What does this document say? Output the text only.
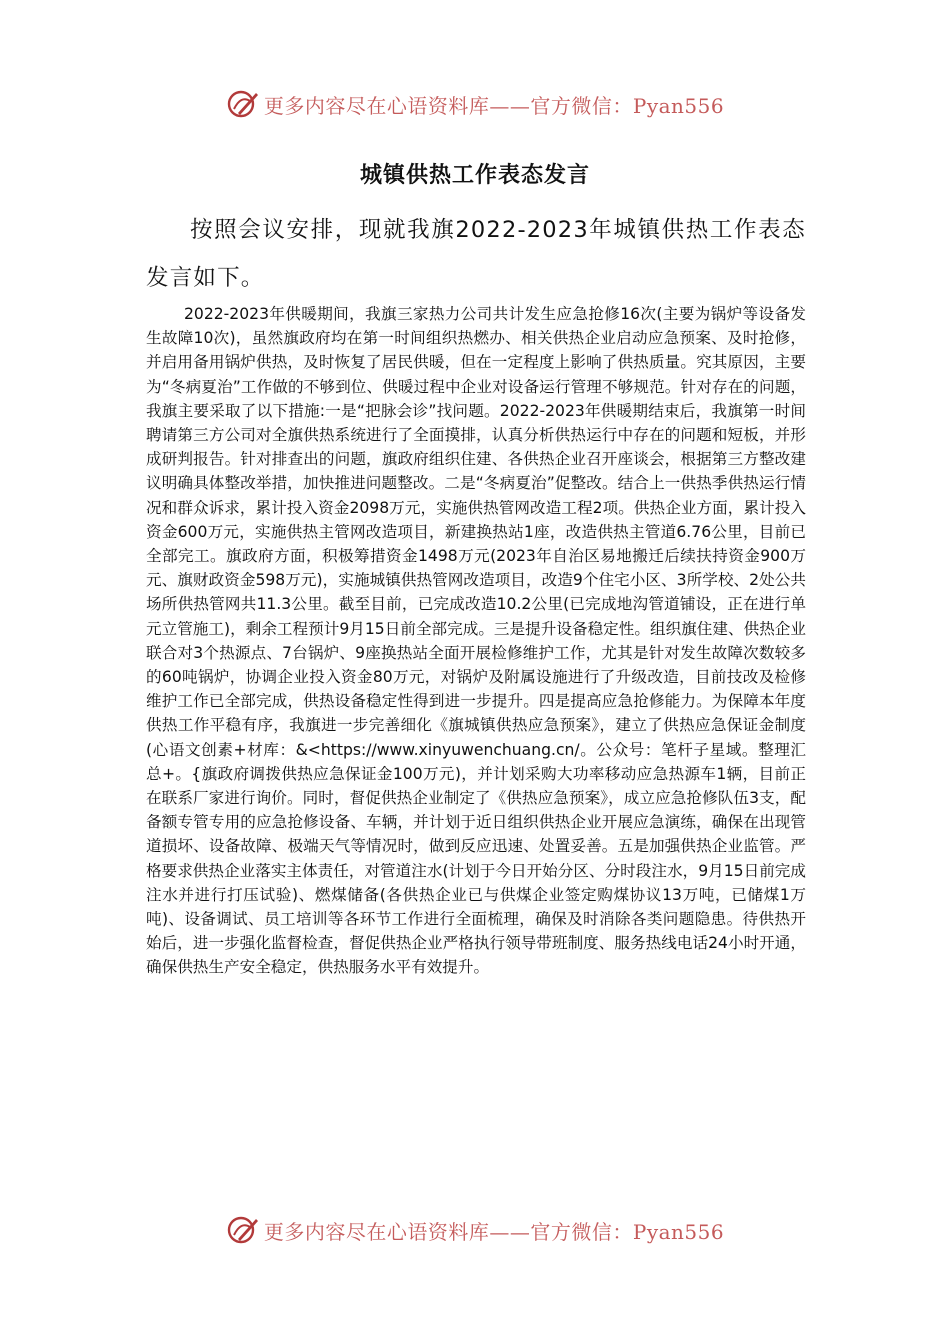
更多内容尽在心语资料库——官方微信：Pyan556
城镇供热工作表态发言
按照会议安排，现就我旗2022-2023年城镇供热工作表态发言如下。
2022-2023年供暖期间，我旗三家热力公司共计发生应急抢修16次(主要为锅炉等设备发生故障10次)，虽然旗政府均在第一时间组织热燃办、相关供热企业启动应急预案、及时抢修，并启用备用锅炉供热，及时恢复了居民供暖，但在一定程度上影响了供热质量。究其原因，主要为“冬病夏治”工作做的不够到位、供暖过程中企业对设备运行管理不够规范。针对存在的问题，我旗主要采取了以下措施:一是“把脉会诊”找问题。2022-2023年供暖期结束后，我旗第一时间聘请第三方公司对全旗供热系统进行了全面摸排，认真分析供热运行中存在的问题和短板，并形成研判报告。针对排查出的问题，旗政府组织住建、各供热企业召开座谈会，根据第三方整改建议明确具体整改举措，加快推进问题整改。二是“冬病夏治”促整改。结合上一供热季供热运行情况和群众诉求，累计投入资金2098万元，实施供热管网改造工程2项。供热企业方面，累计投入资金600万元，实施供热主管网改造项目，新建换热站1座，改造供热主管道6.76公里，目前已全部完工。旗政府方面，积极筹措资金1498万元(2023年自治区易地搬迁后续扶持资金900万元、旗财政资金598万元)，实施城镇供热管网改造项目，改造9个住宅小区、3所学校、2处公共场所供热管网共11.3公里。截至目前，已完成改造10.2公里(已完成地沟管道铺设，正在进行单元立管施工)，剩余工程预计9月15日前全部完成。三是提升设备稳定性。组织旗住建、供热企业联合对3个热源点、7台锅炉、9座换热站全面开展检修维护工作，尤其是针对发生故障次数较多的60吨锅炉，协调企业投入资金80万元，对锅炉及附属设施进行了升级改造，目前技改及检修维护工作已全部完成，供热设备稳定性得到进一步提升。四是提高应急抢修能力。为保障本年度供热工作平稳有序，我旗进一步完善细化《旗城镇供热应急预案》，建立了供热应急保证金制度(心语文创素+材库：&<https://www.xinyuwenchuang.cn/。公众号：笔杆子星域。整理汇总+。{旗政府调拨供热应急保证金100万元)，并计划采购大功率移动应急热源车1辆，目前正在联系厂家进行询价。同时，督促供热企业制定了《供热应急预案》，成立应急抢修队伍3支，配备额专管专用的应急抢修设备、车辆，并计划于近日组织供热企业开展应急演练，确保在出现管道损坏、设备故障、极端天气等情况时，做到反应迅速、处置妥善。五是加强供热企业监管。严格要求供热企业落实主体责任，对管道注水(计划于今日开始分区、分时段注水，9月15日前完成注水并进行打压试验)、燃煤储备(各供热企业已与供煤企业签定购煤协议13万吨，已储煤1万吨)、设备调试、员工培训等各环节工作进行全面梳理，确保及时消除各类问题隐患。待供热开始后，进一步强化监督检查，督促供热企业严格执行领导带班制度、服务热线电话24小时开通，确保供热生产安全稳定，供热服务水平有效提升。
更多内容尽在心语资料库——官方微信：Pyan556
